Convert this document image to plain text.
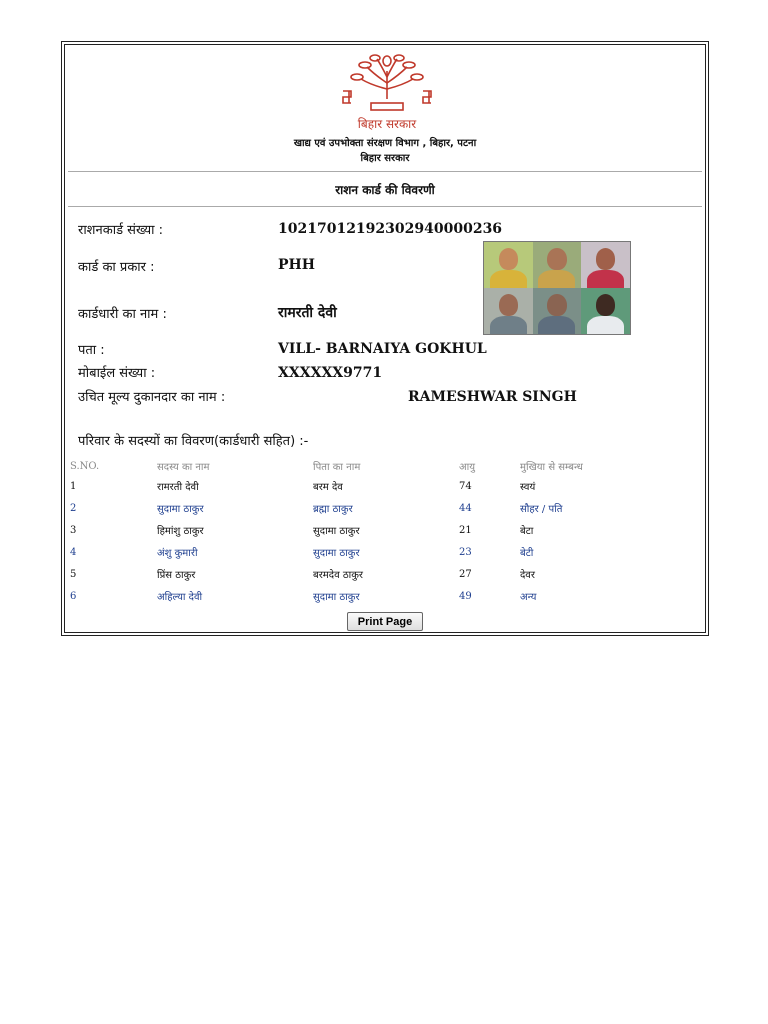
बिहार सरकार
खाद्य एवं उपभोक्ता संरक्षण विभाग , बिहार, पटना
बिहार सरकार
राशन कार्ड की विवरणी
राशनकार्ड संख्या :	10217012192302940000236
कार्ड का प्रकार :	PHH
कार्डधारी का नाम :	रामरती देवी
पता :	VILL- BARNAIYA GOKHUL
मोबाईल संख्या :	XXXXXX9771
उचित मूल्य दुकानदार का नाम :	RAMESHWAR SINGH
परिवार के सदस्यों का विवरण(कार्डधारी सहित) :-
S.NO.	सदस्य का नाम	पिता का नाम	आयु	मुखिया से सम्बन्ध
1	रामरती देवी	बरम देव	74	स्वयं
2	सुदामा ठाकुर	ब्रह्मा ठाकुर	44	सौहर / पति
3	हिमांशु ठाकुर	सुदामा ठाकुर	21	बेटा
4	अंशु कुमारी	सुदामा ठाकुर	23	बेटी
5	प्रिंस ठाकुर	बरमदेव ठाकुर	27	देवर
6	अहिल्या देवी	सुदामा ठाकुर	49	अन्य
Print Page
